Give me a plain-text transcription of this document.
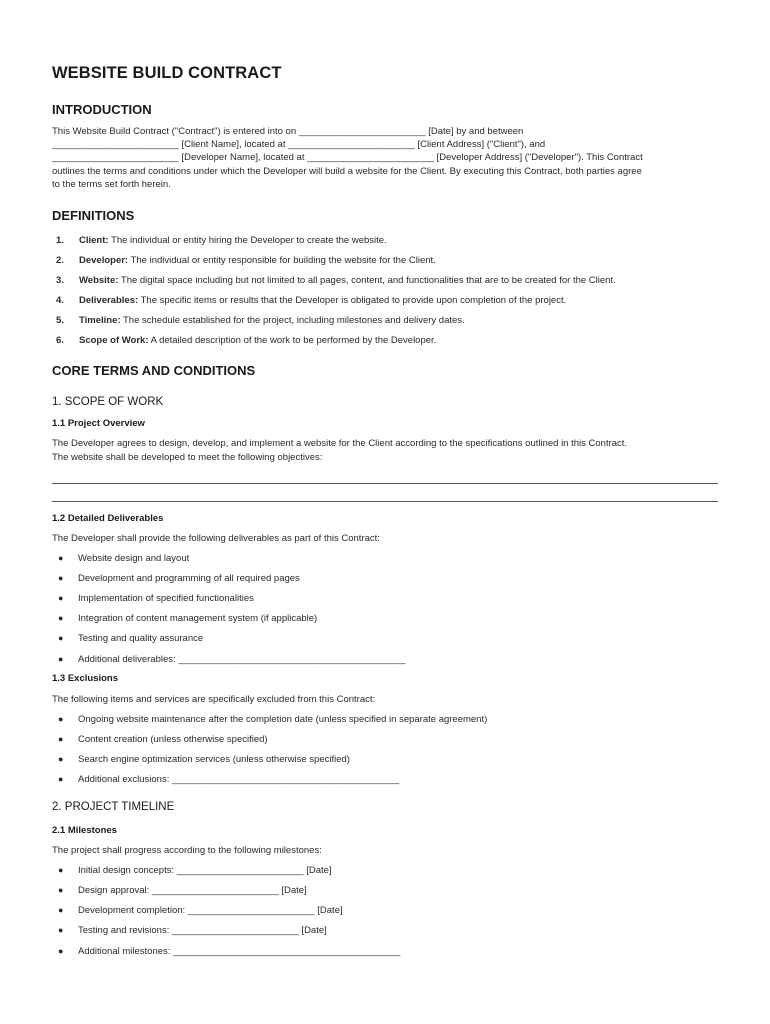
WEBSITE BUILD CONTRACT
INTRODUCTION
This Website Build Contract ("Contract") is entered into on ________________________ [Date] by and between
________________________ [Client Name], located at ________________________ [Client Address] ("Client"), and
________________________ [Developer Name], located at ________________________ [Developer Address] ("Developer"). This Contract
outlines the terms and conditions under which the Developer will build a website for the Client. By executing this Contract, both parties agree
to the terms set forth herein.
DEFINITIONS
1. Client: The individual or entity hiring the Developer to create the website.
2. Developer: The individual or entity responsible for building the website for the Client.
3. Website: The digital space including but not limited to all pages, content, and functionalities that are to be created for the Client.
4. Deliverables: The specific items or results that the Developer is obligated to provide upon completion of the project.
5. Timeline: The schedule established for the project, including milestones and delivery dates.
6. Scope of Work: A detailed description of the work to be performed by the Developer.
CORE TERMS AND CONDITIONS
1. SCOPE OF WORK
1.1 Project Overview
The Developer agrees to design, develop, and implement a website for the Client according to the specifications outlined in this Contract.
The website shall be developed to meet the following objectives:
1.2 Detailed Deliverables
The Developer shall provide the following deliverables as part of this Contract:
● Website design and layout
● Development and programming of all required pages
● Implementation of specified functionalities
● Integration of content management system (if applicable)
● Testing and quality assurance
● Additional deliverables: ___________________________________________
1.3 Exclusions
The following items and services are specifically excluded from this Contract:
● Ongoing website maintenance after the completion date (unless specified in separate agreement)
● Content creation (unless otherwise specified)
● Search engine optimization services (unless otherwise specified)
● Additional exclusions: ___________________________________________
2. PROJECT TIMELINE
2.1 Milestones
The project shall progress according to the following milestones:
● Initial design concepts: ________________________ [Date]
● Design approval: ________________________ [Date]
● Development completion: ________________________ [Date]
● Testing and revisions: ________________________ [Date]
● Additional milestones: ___________________________________________
